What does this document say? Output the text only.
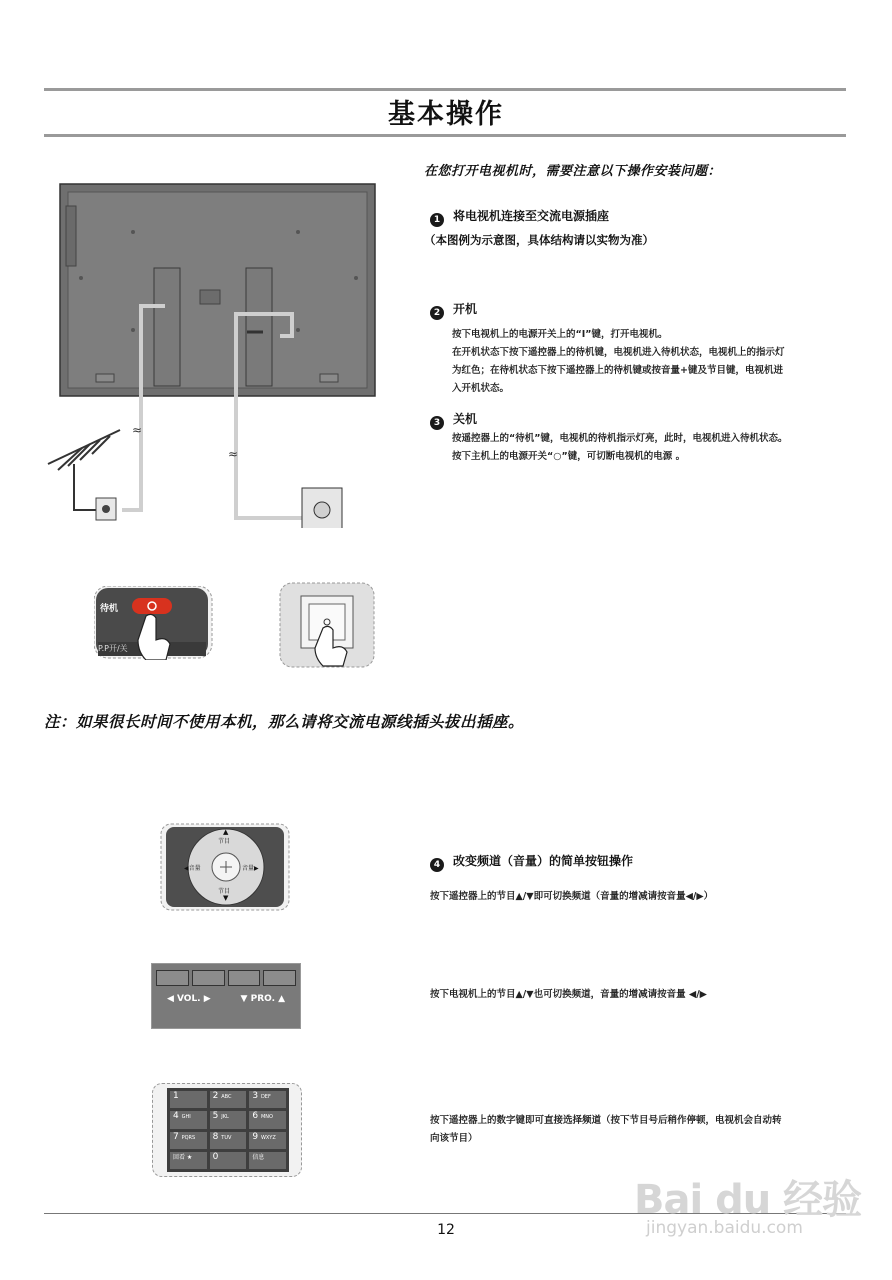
基本操作
≈
≈
在您打开电视机时，需要注意以下操作安装问题：
1 将电视机连接至交流电源插座
（本图例为示意图，具体结构请以实物为准）
2 开机
按下电视机上的电源开关上的“Ⅰ”键，打开电视机。
在开机状态下按下遥控器上的待机键，电视机进入待机状态，电视机上的指示灯
为红色；在待机状态下按下遥控器上的待机键或按音量+键及节目键，电视机进
入开机状态。
3 关机
按遥控器上的“待机”键，电视机的待机指示灯亮，此时，电视机进入待机状态。
按下主机上的电源开关“○”键，可切断电视机的电源 。
待机
P.P开/关
注：如果很长时间不使用本机，那么请将交流电源线插头拔出插座。
▲
节目
◀音量	音量▶
节目
▼
◀ VOL. ▶	▼ PRO. ▲
1	2 ABC	3 DEF
4 GHI	5 JKL	6 MNO
7 PQRS	8 TUV	9 WXYZ
回看 ★	0	信息
4 改变频道（音量）的简单按钮操作
按下遥控器上的节目▲/▼即可切换频道（音量的增减请按音量◀/▶）
按下电视机上的节目▲/▼也可切换频道，音量的增减请按音量 ◀/▶
按下遥控器上的数字键即可直接选择频道（按下节目号后稍作停顿，电视机会自动转
向该节目）
12
Bai du 经验
jingyan.baidu.com
